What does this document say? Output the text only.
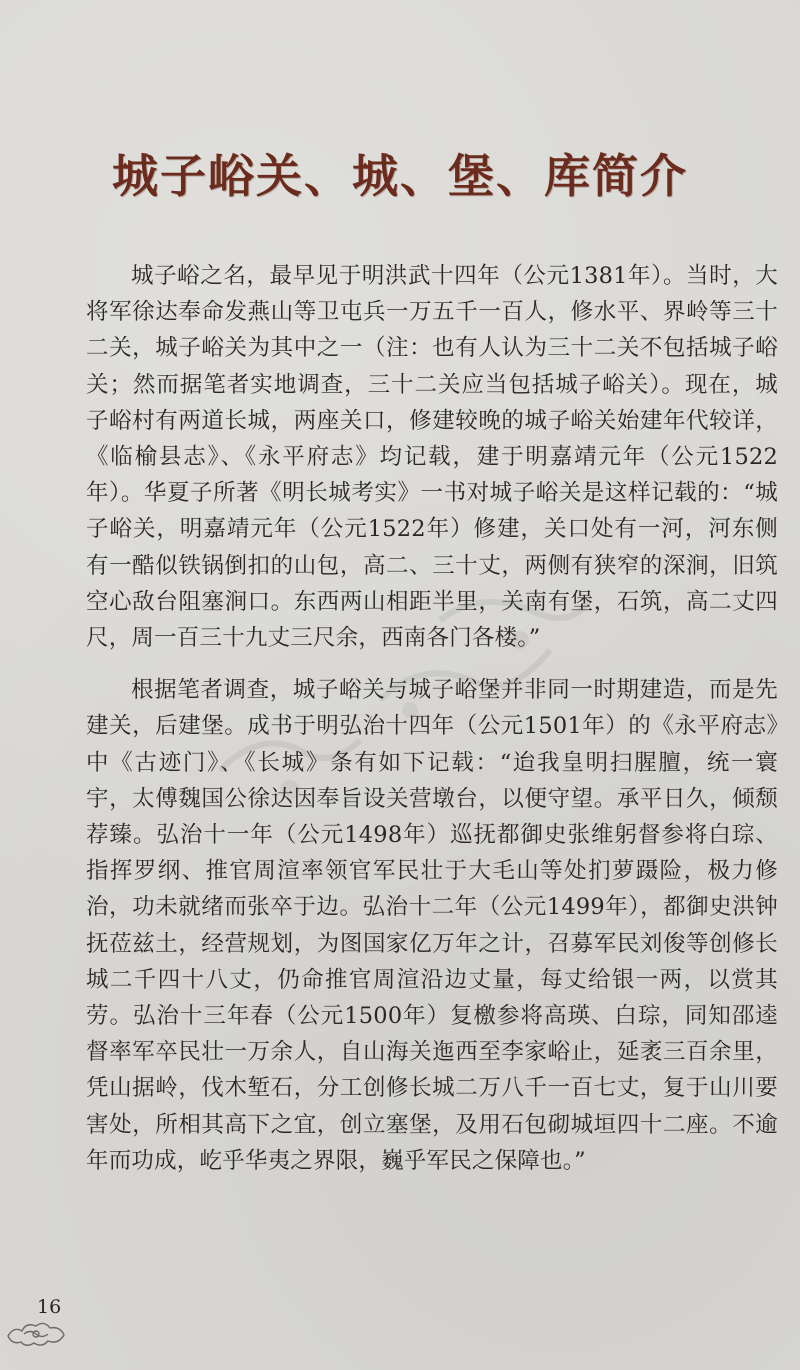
城子峪关、城、堡、库简介

城子峪之名，最早见于明洪武十四年（公元1381年）。当时，大将军徐达奉命发燕山等卫屯兵一万五千一百人，修水平、界岭等三十二关，城子峪关为其中之一（注：也有人认为三十二关不包括城子峪关；然而据笔者实地调查，三十二关应当包括城子峪关）。现在，城子峪村有两道长城，两座关口，修建较晚的城子峪关始建年代较详，《临榆县志》、《永平府志》均记载，建于明嘉靖元年（公元1522年）。华夏子所著《明长城考实》一书对城子峪关是这样记载的：“城子峪关，明嘉靖元年（公元1522年）修建，关口处有一河，河东侧有一酷似铁锅倒扣的山包，高二、三十丈，两侧有狭窄的深涧，旧筑空心敌台阻塞涧口。东西两山相距半里，关南有堡，石筑，高二丈四尺，周一百三十九丈三尺余，西南各门各楼。”

根据笔者调查，城子峪关与城子峪堡并非同一时期建造，而是先建关，后建堡。成书于明弘治十四年（公元1501年）的《永平府志》中《古迹门》、《长城》条有如下记载：“迨我皇明扫腥膻，统一寰宇，太傅魏国公徐达因奉旨设关营墩台，以便守望。承平日久，倾颓荐臻。弘治十一年（公元1498年）巡抚都御史张维躬督参将白琮、指挥罗纲、推官周渲率领官军民壮于大毛山等处扪萝蹑险，极力修治，功未就绪而张卒于边。弘治十二年（公元1499年），都御史洪钟抚莅兹土，经营规划，为图国家亿万年之计，召募军民刘俊等创修长城二千四十八丈，仍命推官周渲沿边丈量，每丈给银一两，以赏其劳。弘治十三年春（公元1500年）复檄参将高瑛、白琮，同知邵逵督率军卒民壮一万余人，自山海关迤西至李家峪止，延袤三百余里，凭山据岭，伐木堑石，分工创修长城二万八千一百七丈，复于山川要害处，所相其高下之宜，创立塞堡，及用石包砌城垣四十二座。不逾年而功成，屹乎华夷之界限，巍乎军民之保障也。”

16
